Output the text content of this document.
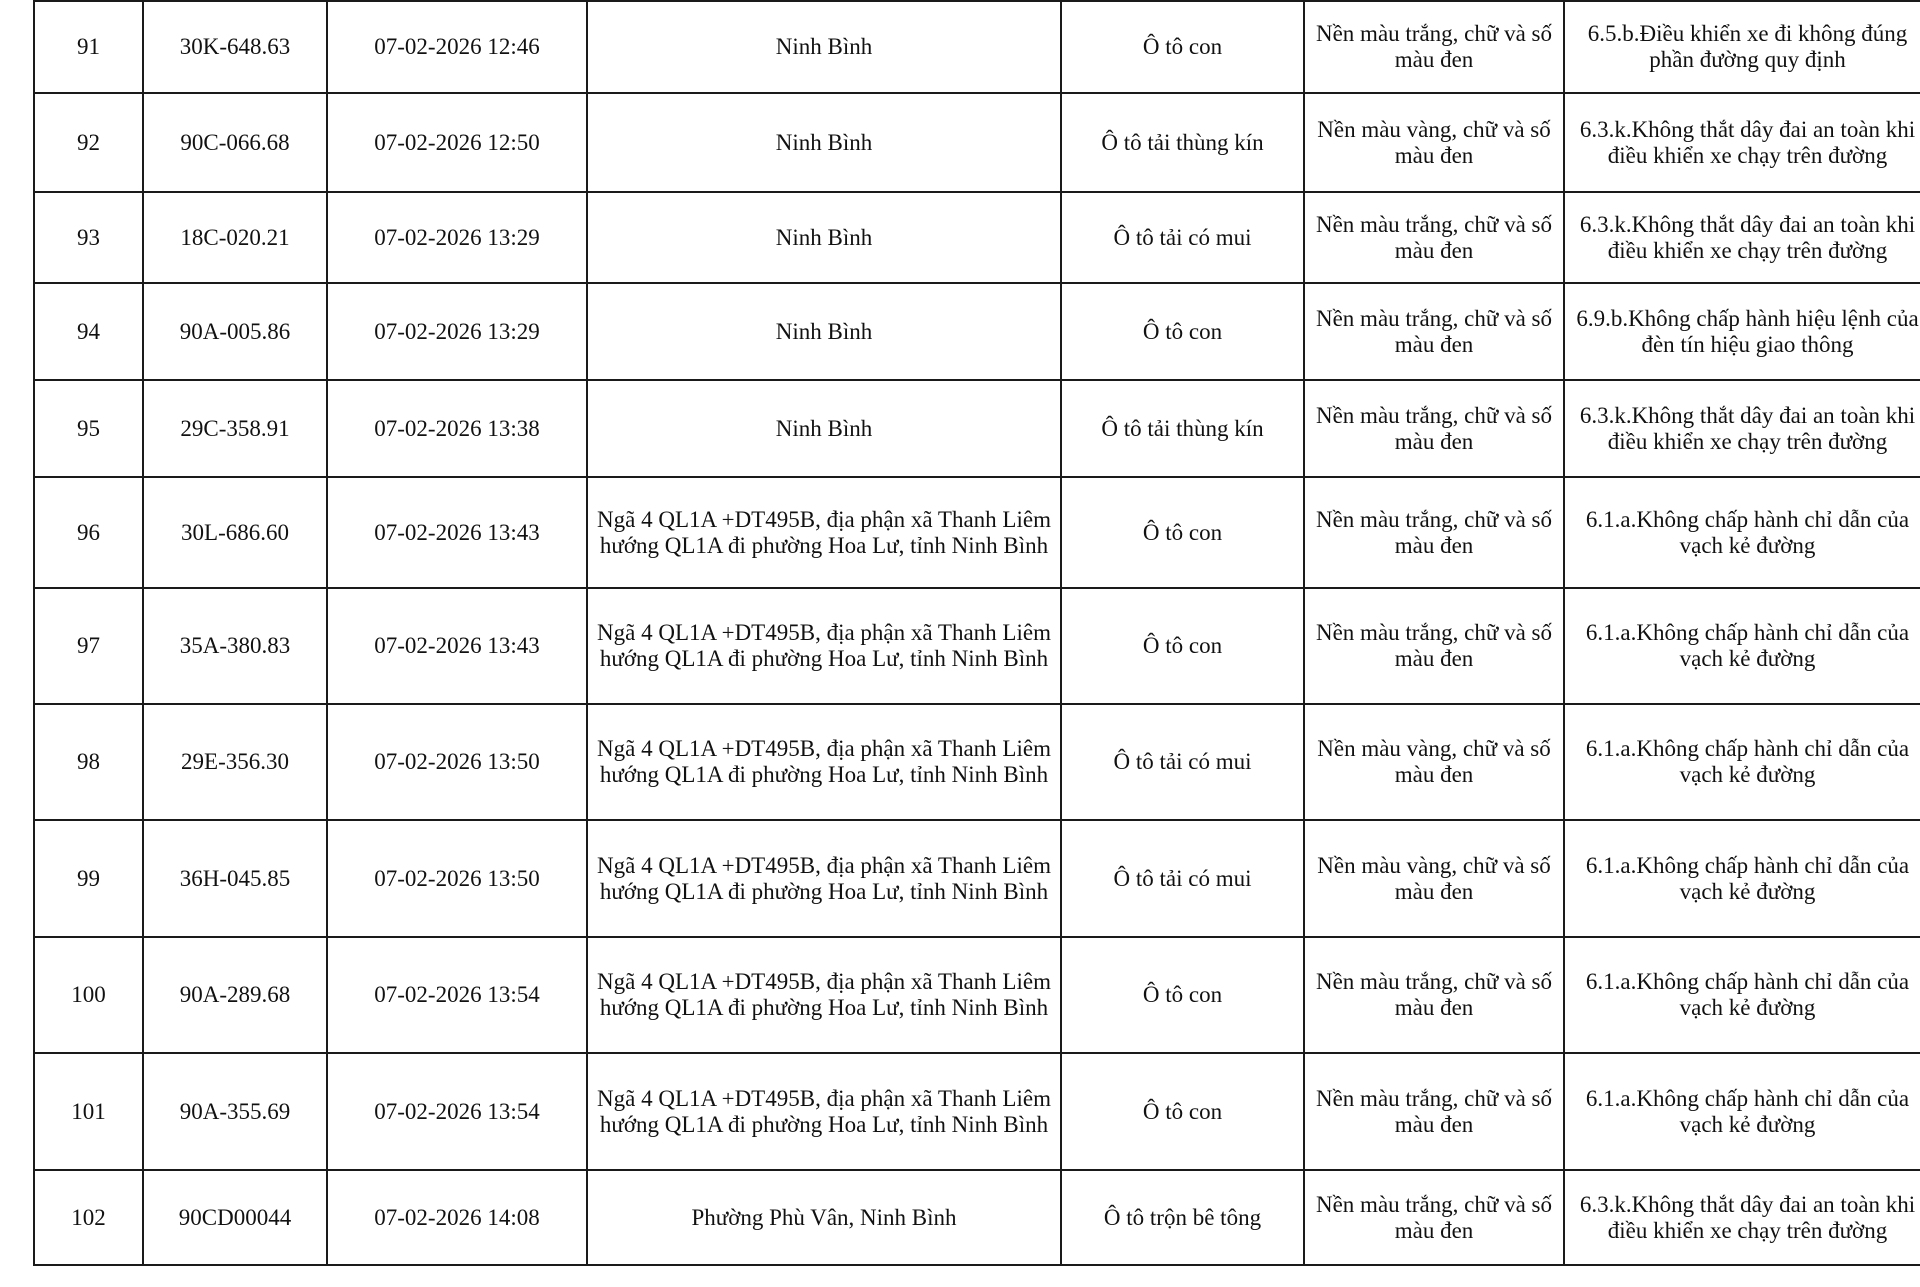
91	30K-648.63	07-02-2026 12:46	Ninh Bình	Ô tô con	Nền màu trắng, chữ và số màu đen	6.5.b.Điều khiển xe đi không đúng phần đường quy định
92	90C-066.68	07-02-2026 12:50	Ninh Bình	Ô tô tải thùng kín	Nền màu vàng, chữ và số màu đen	6.3.k.Không thắt dây đai an toàn khi điều khiển xe chạy trên đường
93	18C-020.21	07-02-2026 13:29	Ninh Bình	Ô tô tải có mui	Nền màu trắng, chữ và số màu đen	6.3.k.Không thắt dây đai an toàn khi điều khiển xe chạy trên đường
94	90A-005.86	07-02-2026 13:29	Ninh Bình	Ô tô con	Nền màu trắng, chữ và số màu đen	6.9.b.Không chấp hành hiệu lệnh của đèn tín hiệu giao thông
95	29C-358.91	07-02-2026 13:38	Ninh Bình	Ô tô tải thùng kín	Nền màu trắng, chữ và số màu đen	6.3.k.Không thắt dây đai an toàn khi điều khiển xe chạy trên đường
96	30L-686.60	07-02-2026 13:43	Ngã 4 QL1A +DT495B, địa phận xã Thanh Liêm hướng QL1A đi phường Hoa Lư, tỉnh Ninh Bình	Ô tô con	Nền màu trắng, chữ và số màu đen	6.1.a.Không chấp hành chỉ dẫn của vạch kẻ đường
97	35A-380.83	07-02-2026 13:43	Ngã 4 QL1A +DT495B, địa phận xã Thanh Liêm hướng QL1A đi phường Hoa Lư, tỉnh Ninh Bình	Ô tô con	Nền màu trắng, chữ và số màu đen	6.1.a.Không chấp hành chỉ dẫn của vạch kẻ đường
98	29E-356.30	07-02-2026 13:50	Ngã 4 QL1A +DT495B, địa phận xã Thanh Liêm hướng QL1A đi phường Hoa Lư, tỉnh Ninh Bình	Ô tô tải có mui	Nền màu vàng, chữ và số màu đen	6.1.a.Không chấp hành chỉ dẫn của vạch kẻ đường
99	36H-045.85	07-02-2026 13:50	Ngã 4 QL1A +DT495B, địa phận xã Thanh Liêm hướng QL1A đi phường Hoa Lư, tỉnh Ninh Bình	Ô tô tải có mui	Nền màu vàng, chữ và số màu đen	6.1.a.Không chấp hành chỉ dẫn của vạch kẻ đường
100	90A-289.68	07-02-2026 13:54	Ngã 4 QL1A +DT495B, địa phận xã Thanh Liêm hướng QL1A đi phường Hoa Lư, tỉnh Ninh Bình	Ô tô con	Nền màu trắng, chữ và số màu đen	6.1.a.Không chấp hành chỉ dẫn của vạch kẻ đường
101	90A-355.69	07-02-2026 13:54	Ngã 4 QL1A +DT495B, địa phận xã Thanh Liêm hướng QL1A đi phường Hoa Lư, tỉnh Ninh Bình	Ô tô con	Nền màu trắng, chữ và số màu đen	6.1.a.Không chấp hành chỉ dẫn của vạch kẻ đường
102	90CD00044	07-02-2026 14:08	Phường Phù Vân, Ninh Bình	Ô tô trộn bê tông	Nền màu trắng, chữ và số màu đen	6.3.k.Không thắt dây đai an toàn khi điều khiển xe chạy trên đường
